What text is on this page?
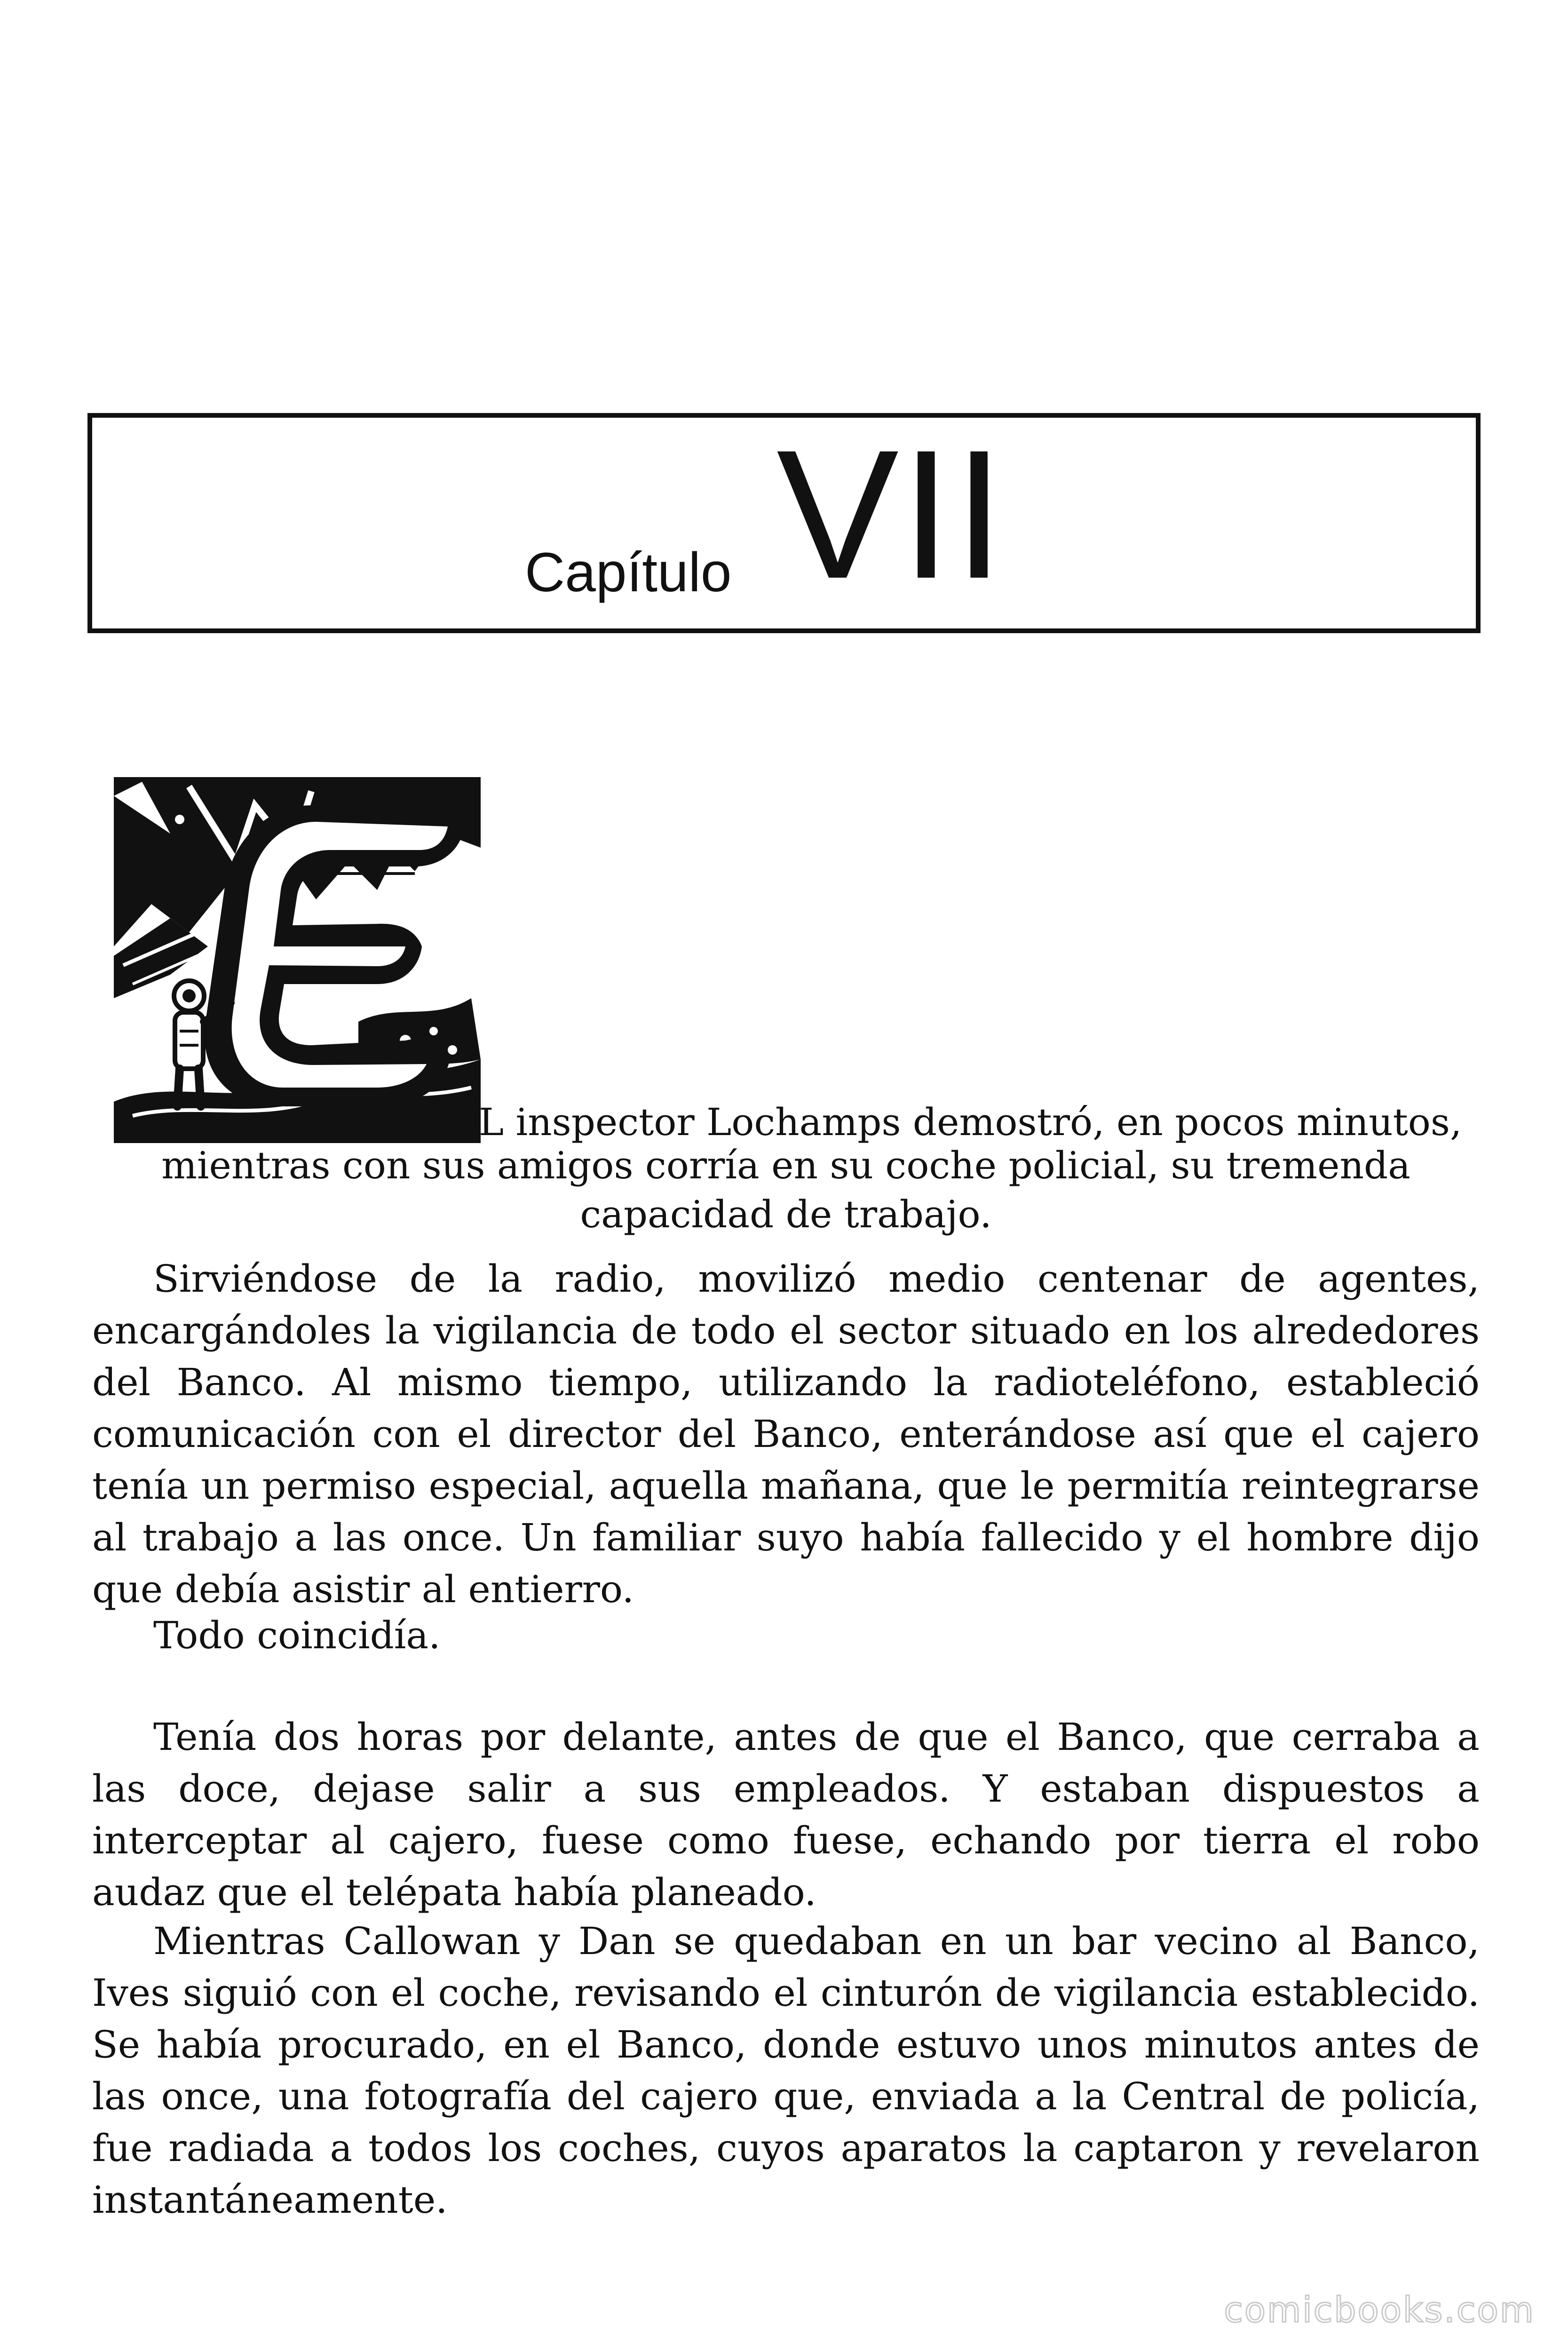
Capítulo VII

L inspector Lochamps demostró, en pocos minutos,

mientras con sus amigos corría en su coche policial, su tremenda
capacidad de trabajo.

Sirviéndose de la radio, movilizó medio centenar de agentes, encargándoles la vigilancia de todo el sector situado en los alrededores del Banco. Al mismo tiempo, utilizando la radioteléfono, estableció comunicación con el director del Banco, enterándose así que el cajero tenía un permiso especial, aquella mañana, que le permitía reintegrarse al trabajo a las once. Un familiar suyo había fallecido y el hombre dijo que debía asistir al entierro.

Todo coincidía.

Tenía dos horas por delante, antes de que el Banco, que cerraba a las doce, dejase salir a sus empleados. Y estaban dispuestos a interceptar al cajero, fuese como fuese, echando por tierra el robo audaz que el telépata había planeado.

Mientras Callowan y Dan se quedaban en un bar vecino al Banco, Ives siguió con el coche, revisando el cinturón de vigilancia establecido. Se había procurado, en el Banco, donde estuvo unos minutos antes de las once, una fotografía del cajero que, enviada a la Central de policía, fue radiada a todos los coches, cuyos aparatos la captaron y revelaron instantáneamente.

comicbooks.com
